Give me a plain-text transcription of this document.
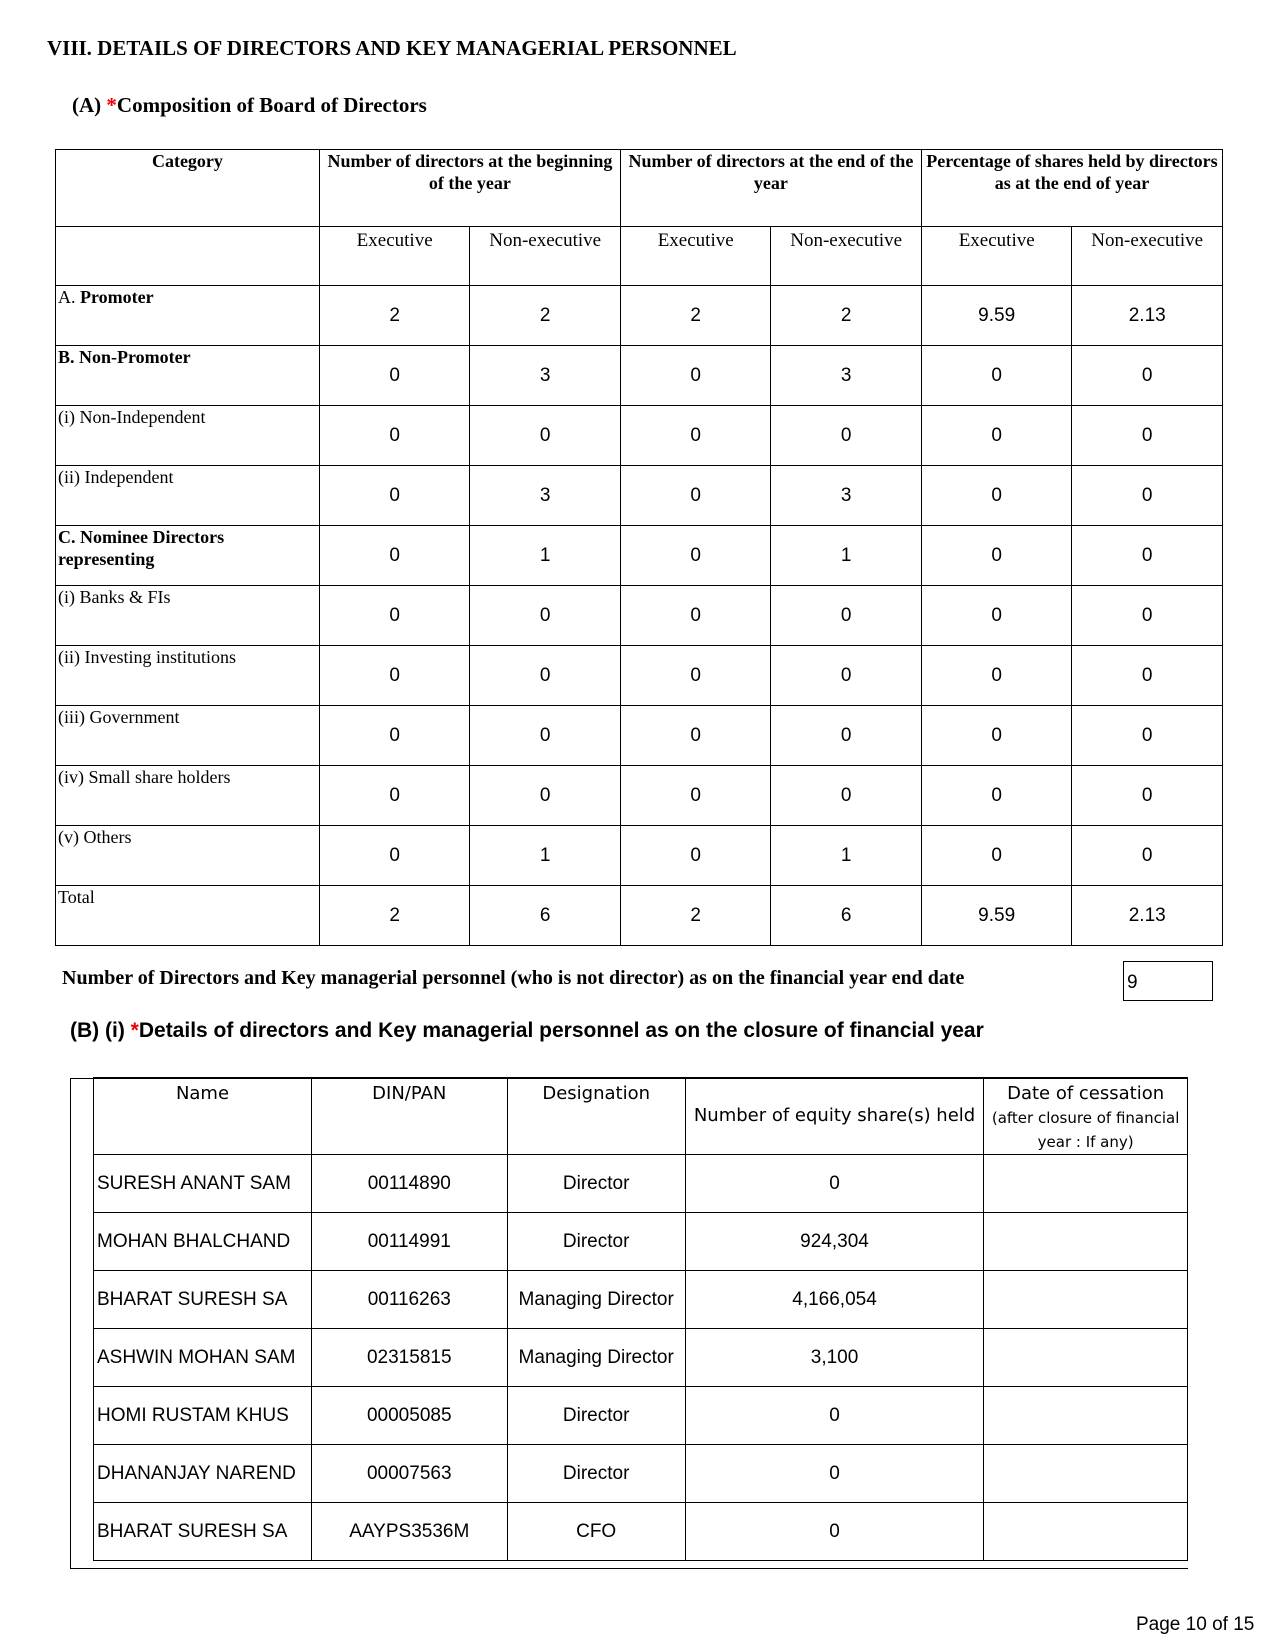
VIII. DETAILS OF DIRECTORS AND KEY MANAGERIAL PERSONNEL
(A) *Composition of Board of Directors
Category	Number of directors at the beginning of the year		Number of directors at the end of the year		Percentage of shares held by directors as at the end of year	
	Executive	Non-executive	Executive	Non-executive	Executive	Non-executive
A. Promoter	2	2	2	2	9.59	2.13
B. Non-Promoter	0	3	0	3	0	0
(i) Non-Independent	0	0	0	0	0	0
(ii) Independent	0	3	0	3	0	0
C. Nominee Directors representing	0	1	0	1	0	0
(i) Banks & FIs	0	0	0	0	0	0
(ii) Investing institutions	0	0	0	0	0	0
(iii) Government	0	0	0	0	0	0
(iv) Small share holders	0	0	0	0	0	0
(v) Others	0	1	0	1	0	0
Total	2	6	2	6	9.59	2.13
Number of Directors and Key managerial personnel (who is not director) as on the financial year end date	9
(B) (i) *Details of directors and Key managerial personnel as on the closure of financial year
Name	DIN/PAN	Designation	Number of equity share(s) held	Date of cessation
(after closure of financial year : If any)

SURESH ANANT SAM	00114890	Director	0	
MOHAN BHALCHAND	00114991	Director	924,304	
BHARAT SURESH SA	00116263	Managing Director	4,166,054	
ASHWIN MOHAN SAM	02315815	Managing Director	3,100	
HOMI RUSTAM KHUS	00005085	Director	0	
DHANANJAY NAREND	00007563	Director	0	
BHARAT SURESH SA	AAYPS3536M	CFO	0	
Page 10 of 15
